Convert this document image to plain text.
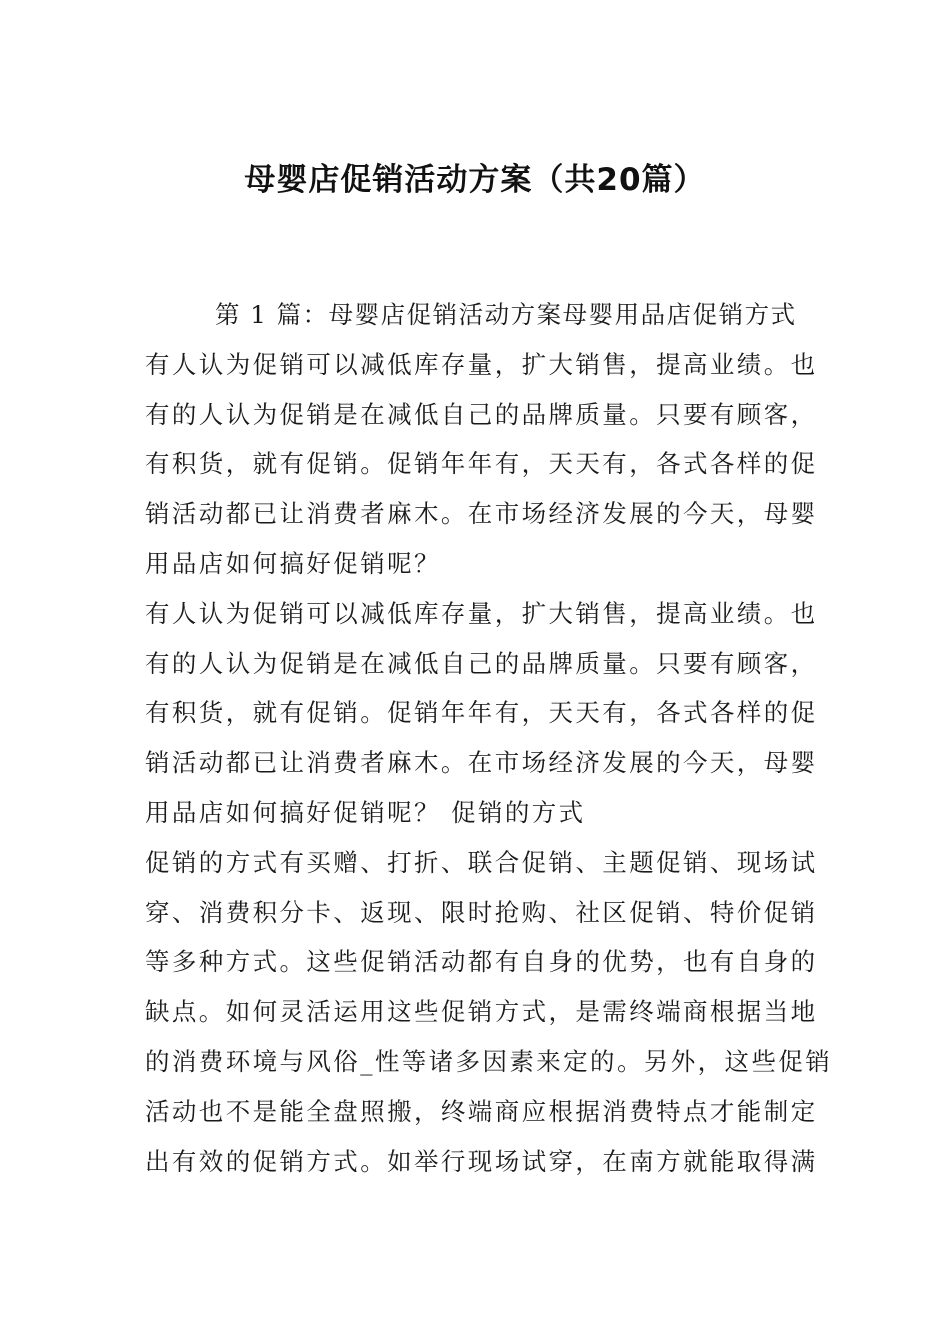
母婴店促销活动方案（共20篇）

第 1 篇：母婴店促销活动方案母婴用品店促销方式

有人认为促销可以减低库存量，扩大销售，提高业绩。也

有的人认为促销是在减低自己的品牌质量。只要有顾客，

有积货，就有促销。促销年年有，天天有，各式各样的促

销活动都已让消费者麻木。在市场经济发展的今天，母婴

用品店如何搞好促销呢？

有人认为促销可以减低库存量，扩大销售，提高业绩。也

有的人认为促销是在减低自己的品牌质量。只要有顾客，

有积货，就有促销。促销年年有，天天有，各式各样的促

销活动都已让消费者麻木。在市场经济发展的今天，母婴

用品店如何搞好促销呢？ 促销的方式

促销的方式有买赠、打折、联合促销、主题促销、现场试

穿、消费积分卡、返现、限时抢购、社区促销、特价促销

等多种方式。这些促销活动都有自身的优势，也有自身的

缺点。如何灵活运用这些促销方式，是需终端商根据当地

的消费环境与风俗_性等诸多因素来定的。另外，这些促销

活动也不是能全盘照搬，终端商应根据消费特点才能制定

出有效的促销方式。如举行现场试穿，在南方就能取得满
